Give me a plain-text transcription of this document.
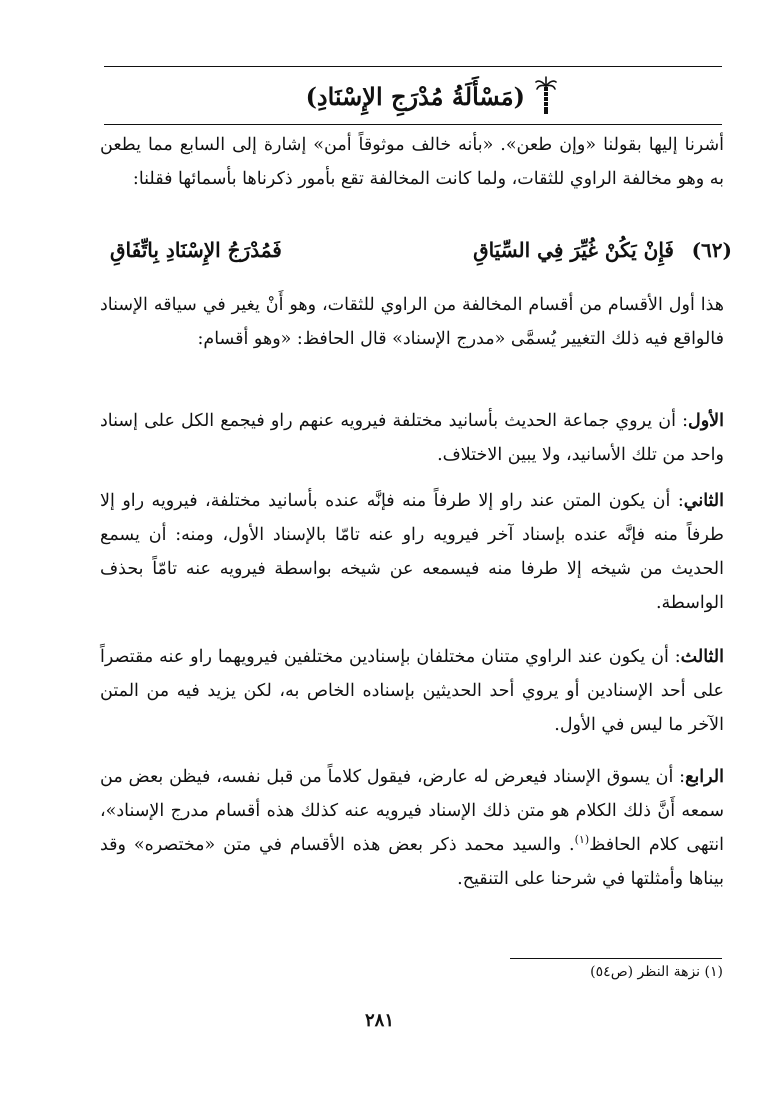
(مَسْأَلَةُ مُدْرَجِ الإِسْنَادِ)
أشرنا إليها بقولنا «وإن طعن». «بأنه خالف موثوقاً أمن» إشارة إلى السابع مما يطعن به وهو مخالفة الراوي للثقات، ولما كانت المخالفة تقع بأمور ذكرناها بأسمائها فقلنا:
(٦٢)
فَإِنْ يَكُنْ غُيِّرَ فِي السِّيَاقِ
فَمُدْرَجُ الإِسْنَادِ بِاتِّفَاقِ
هذا أول الأقسام من أقسام المخالفة من الراوي للثقات، وهو أَنْ يغير في سياقه الإسناد فالواقع فيه ذلك التغيير يُسمَّى «مدرج الإسناد» قال الحافظ: «وهو أقسام:
الأول: أن يروي جماعة الحديث بأسانيد مختلفة فيرويه عنهم راو فيجمع الكل على إسناد واحد من تلك الأسانيد، ولا يبين الاختلاف.
الثاني: أن يكون المتن عند راو إلا طرفاً منه فإنَّه عنده بأسانيد مختلفة، فيرويه راو إلا طرفاً منه فإنَّه عنده بإسناد آخر فيرويه راو عنه تامّا بالإسناد الأول، ومنه: أن يسمع الحديث من شيخه إلا طرفا منه فيسمعه عن شيخه بواسطة فيرويه عنه تامّاً بحذف الواسطة.
الثالث: أن يكون عند الراوي متنان مختلفان بإسنادين مختلفين فيرويهما راو عنه مقتصراً على أحد الإسنادين أو يروي أحد الحديثين بإسناده الخاص به، لكن يزيد فيه من المتن الآخر ما ليس في الأول.
الرابع: أن يسوق الإسناد فيعرض له عارض، فيقول كلاماً من قبل نفسه، فيظن بعض من سمعه أَنَّ ذلك الكلام هو متن ذلك الإسناد فيرويه عنه كذلك هذه أقسام مدرج الإسناد»، انتهى كلام الحافظ$^{(١)}$. والسيد محمد ذكر بعض هذه الأقسام في متن «مختصره» وقد بيناها وأمثلتها في شرحنا على التنقيح.
(١) نزهة النظر (ص٥٤)
٢٨١
